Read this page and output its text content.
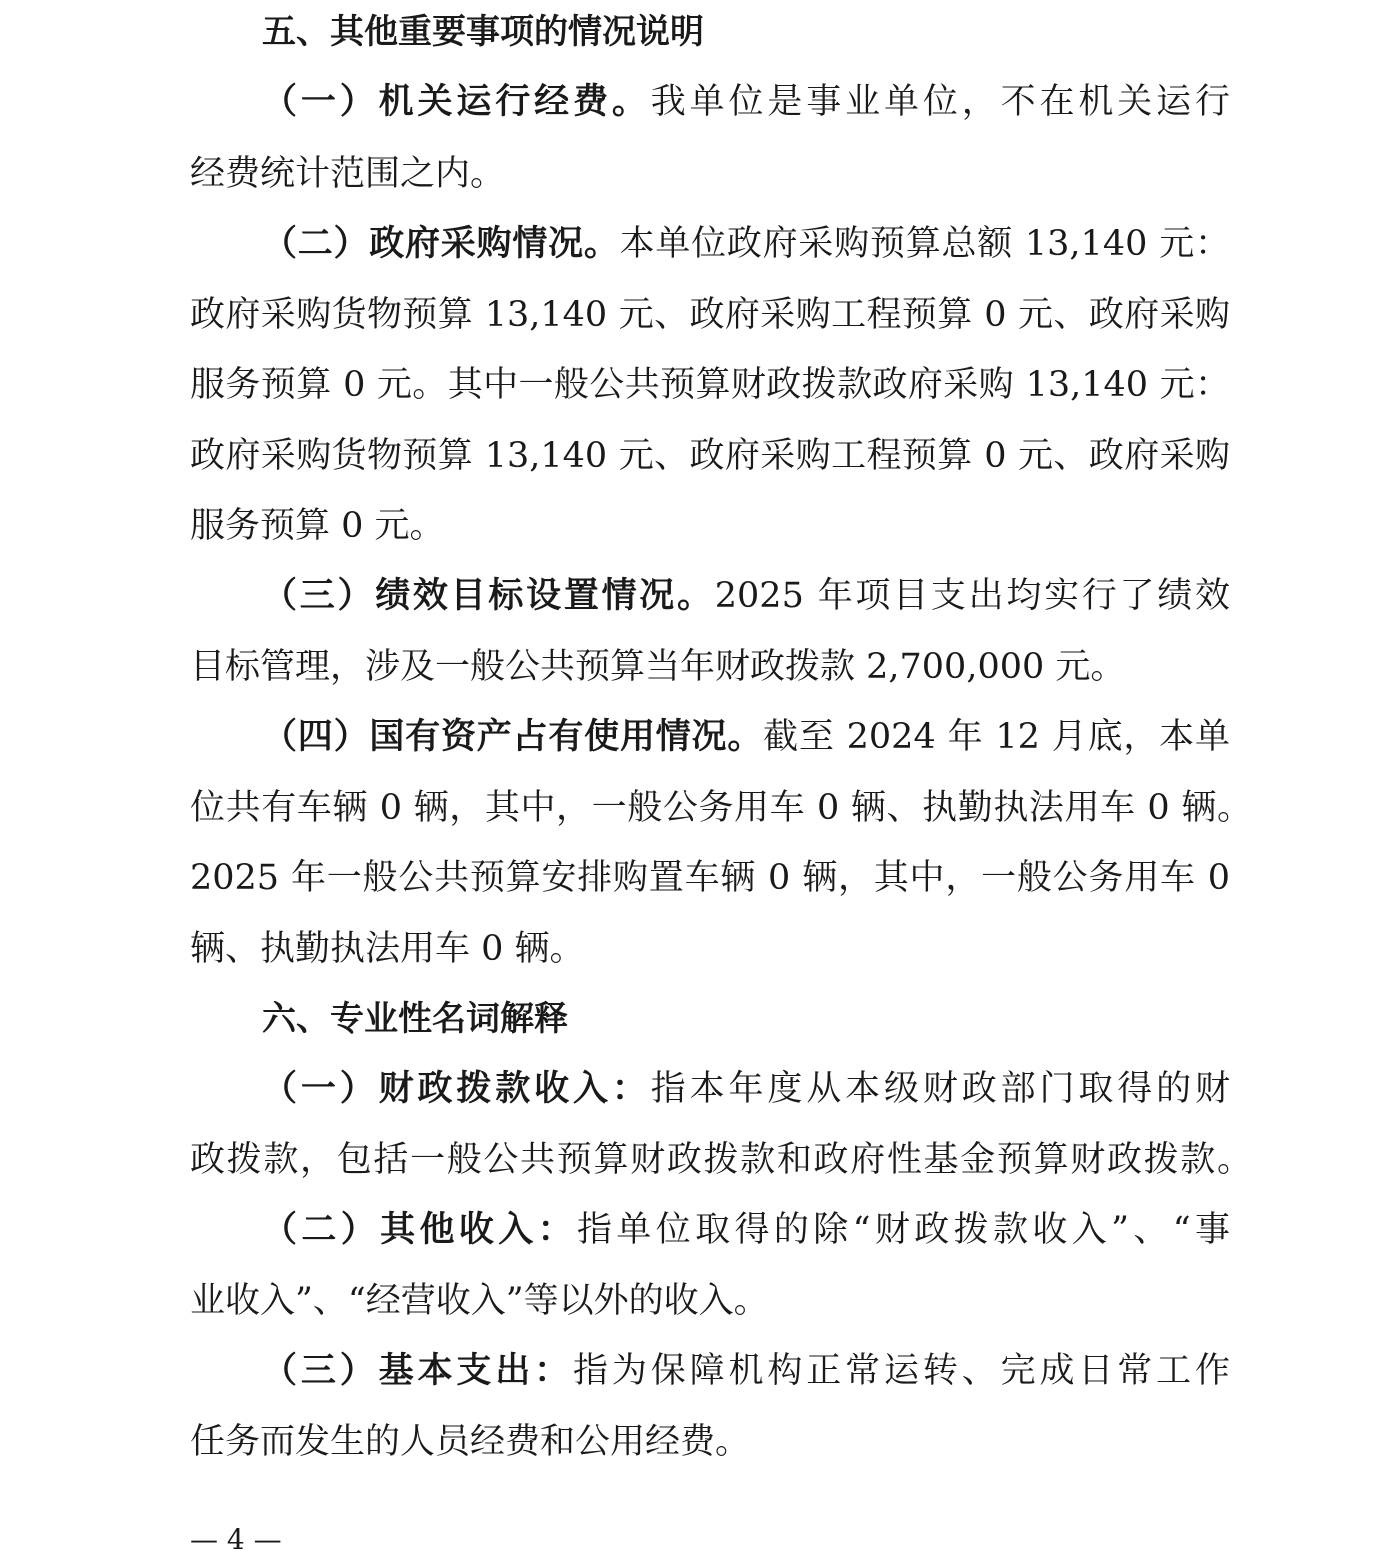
五、其他重要事项的情况说明
（一）机关运行经费。我单位是事业单位，不在机关运行
经费统计范围之内。
（二）政府采购情况。本单位政府采购预算总额 13,140 元：
政府采购货物预算 13,140 元、政府采购工程预算 0 元、政府采购
服务预算 0 元。其中一般公共预算财政拨款政府采购 13,140 元：
政府采购货物预算 13,140 元、政府采购工程预算 0 元、政府采购
服务预算 0 元。
（三）绩效目标设置情况。2025 年项目支出均实行了绩效
目标管理，涉及一般公共预算当年财政拨款 2,700,000 元。
（四）国有资产占有使用情况。截至 2024 年 12 月底，本单
位共有车辆 0 辆，其中，一般公务用车 0 辆、执勤执法用车 0 辆。
2025 年一般公共预算安排购置车辆 0 辆，其中，一般公务用车 0
辆、执勤执法用车 0 辆。
六、专业性名词解释
（一）财政拨款收入：指本年度从本级财政部门取得的财
政拨款，包括一般公共预算财政拨款和政府性基金预算财政拨款。
（二）其他收入：指单位取得的除“财政拨款收入”、“事
业收入”、“经营收入”等以外的收入。
（三）基本支出：指为保障机构正常运转、完成日常工作
任务而发生的人员经费和公用经费。
— 4 —
